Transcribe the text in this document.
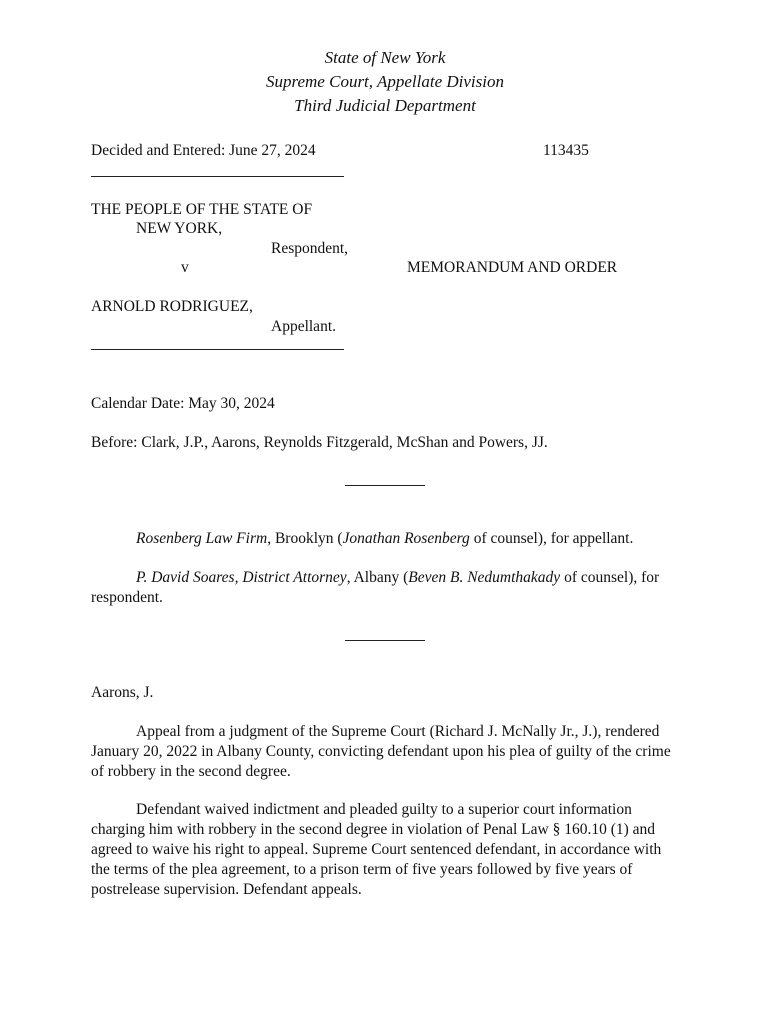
State of New York
Supreme Court, Appellate Division
Third Judicial Department
Decided and Entered: June 27, 2024	113435
THE PEOPLE OF THE STATE OF
NEW YORK,
Respondent,
v	MEMORANDUM AND ORDER
ARNOLD RODRIGUEZ,
Appellant.
Calendar Date: May 30, 2024
Before: Clark, J.P., Aarons, Reynolds Fitzgerald, McShan and Powers, JJ.
Rosenberg Law Firm, Brooklyn (Jonathan Rosenberg of counsel), for appellant.
P. David Soares, District Attorney, Albany (Beven B. Nedumthakady of counsel), for respondent.
Aarons, J.
Appeal from a judgment of the Supreme Court (Richard J. McNally Jr., J.), rendered January 20, 2022 in Albany County, convicting defendant upon his plea of guilty of the crime of robbery in the second degree.
Defendant waived indictment and pleaded guilty to a superior court information charging him with robbery in the second degree in violation of Penal Law § 160.10 (1) and agreed to waive his right to appeal. Supreme Court sentenced defendant, in accordance with the terms of the plea agreement, to a prison term of five years followed by five years of postrelease supervision. Defendant appeals.
